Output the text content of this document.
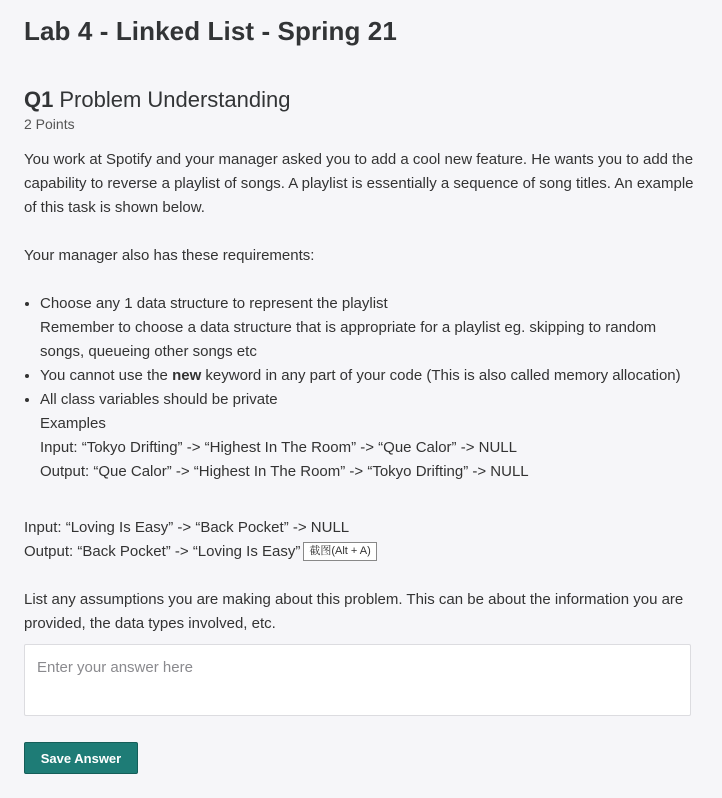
Lab 4 - Linked List - Spring 21
Q1 Problem Understanding
2 Points
You work at Spotify and your manager asked you to add a cool new feature. He wants you to add the capability to reverse a playlist of songs. A playlist is essentially a sequence of song titles. An example of this task is shown below.
Your manager also has these requirements:
• Choose any 1 data structure to represent the playlist
Remember to choose a data structure that is appropriate for a playlist eg. skipping to random songs, queueing other songs etc
• You cannot use the new keyword in any part of your code (This is also called memory allocation)
• All class variables should be private
Examples
Input: “Tokyo Drifting” -> “Highest In The Room” -> “Que Calor” -> NULL
Output: “Que Calor” -> “Highest In The Room” -> “Tokyo Drifting” -> NULL
Input: “Loving Is Easy” -> “Back Pocket” -> NULL
Output: “Back Pocket” -> “Loving Is Easy” 截图(Alt + A)
List any assumptions you are making about this problem. This can be about the information you are provided, the data types involved, etc.
Enter your answer here
Save Answer
